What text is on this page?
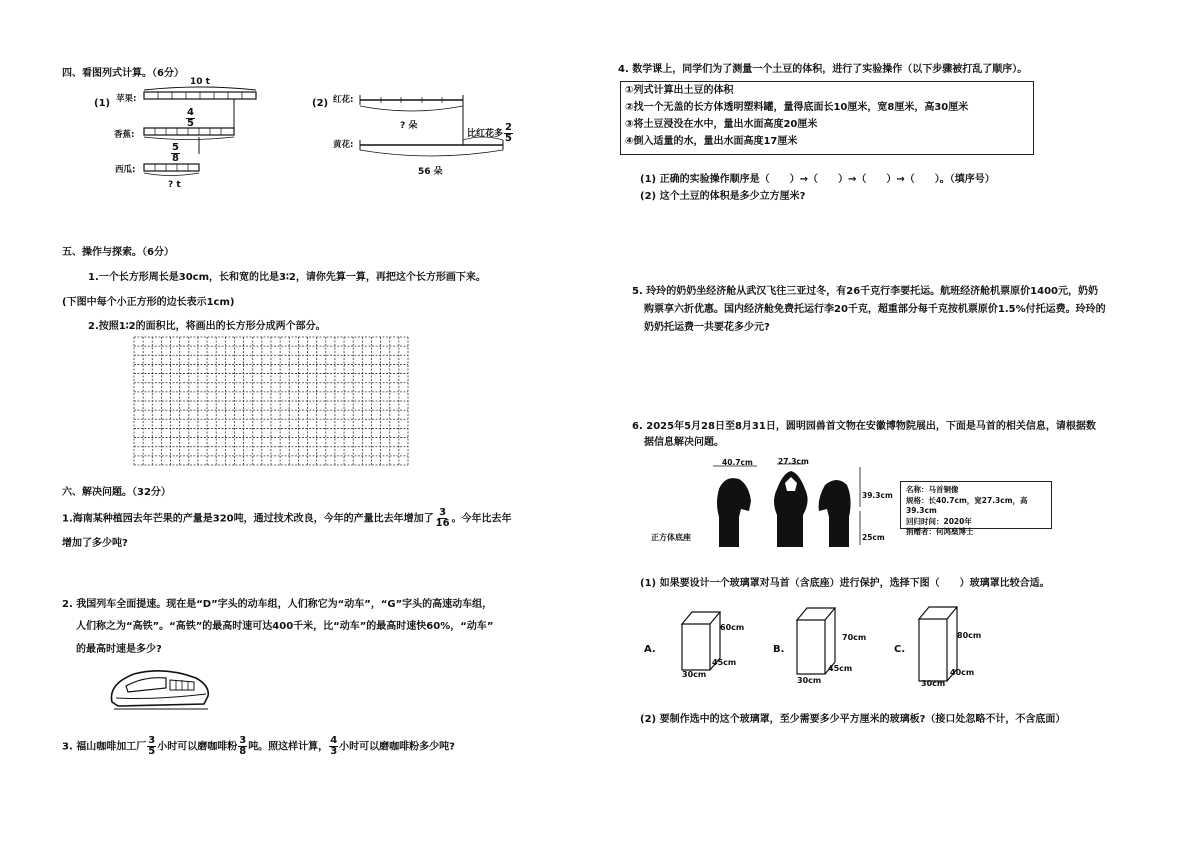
四、看图列式计算。（6分）
(1) 苹果:
香蕉:
西瓜:
10 t
$\frac{4}{5}$
$\frac{5}{8}$
? t
(2) 红花:
黄花:
? 朵
比红花多 $\frac{2}{5}$
56 朵
五、操作与探索。（6分）
1.一个长方形周长是30cm，长和宽的比是3∶2，请你先算一算，再把这个长方形画下来。
(下图中每个小正方形的边长表示1cm)
2.按照1∶2的面积比，将画出的长方形分成两个部分。
六、解决问题。（32分）
1.海南某种植园去年芒果的产量是320吨，通过技术改良，今年的产量比去年增加了 $\frac{3}{16}$ 。今年比去年
增加了多少吨?
2. 我国列车全面提速。现在是“D”字头的动车组，人们称它为“动车”，“G”字头的高速动车组，
人们称之为“高铁”。“高铁”的最高时速可达400千米，比“动车”的最高时速快60%，“动车”
的最高时速是多少?
3. 福山咖啡加工厂 $\frac{3}{5}$ 小时可以磨咖啡粉 $\frac{3}{8}$ 吨。照这样计算， $\frac{4}{3}$ 小时可以磨咖啡粉多少吨?
4. 数学课上，同学们为了测量一个土豆的体积，进行了实验操作（以下步骤被打乱了顺序）。
①列式计算出土豆的体积
②找一个无盖的长方体透明塑料罐，量得底面长10厘米，宽8厘米，高30厘米
③将土豆浸没在水中，量出水面高度20厘米
④倒入适量的水，量出水面高度17厘米
(1) 正确的实验操作顺序是（　　）→（　　）→（　　）→（　　）。（填序号）
(2) 这个土豆的体积是多少立方厘米?
5. 玲玲的奶奶坐经济舱从武汉飞往三亚过冬，有26千克行李要托运。航班经济舱机票原价1400元，奶奶
购票享六折优惠。国内经济舱免费托运行李20千克，超重部分每千克按机票原价1.5%付托运费。玲玲的
奶奶托运费一共要花多少元?
6. 2025年5月28日至8月31日，圆明园兽首文物在安徽博物院展出，下面是马首的相关信息，请根据数
据信息解决问题。
40.7cm	27.3cm
39.3cm
25cm
正方体底座
名称：马首铜像
规格：长40.7cm，宽27.3cm，高39.3cm
回归时间：2020年
捐赠者：何鸿燊博士
(1) 如果要设计一个玻璃罩对马首（含底座）进行保护，选择下图（　　）玻璃罩比较合适。
A.
60cm
45cm
30cm
B.
70cm
45cm
30cm
C.
80cm
40cm
30cm
(2) 要制作选中的这个玻璃罩，至少需要多少平方厘米的玻璃板?（接口处忽略不计，不含底面）
